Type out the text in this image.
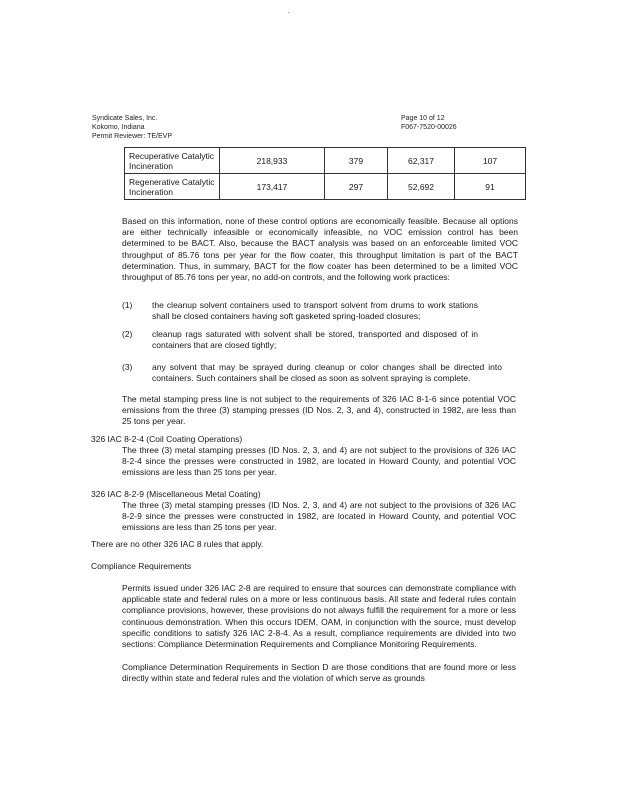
Syndicate Sales, Inc.
Kokomo, Indiana
Permit Reviewer: TE/EVP
Page 10 of 12
F067-7520-00026
Recuperative Catalytic Incineration	218,933	379	62,317	107
Regenerative Catalytic Incineration	173,417	297	52,692	91
Based on this information, none of these control options are economically feasible. Because all options are either technically infeasible or economically infeasible, no VOC emission control has been determined to be BACT. Also, because the BACT analysis was based on an enforceable limited VOC throughput of 85.76 tons per year for the flow coater, this throughput limitation is part of the BACT determination. Thus, in summary, BACT for the flow coater has been determined to be a limited VOC throughput of 85.76 tons per year, no add-on controls, and the following work practices:
(1) the cleanup solvent containers used to transport solvent from drums to work stations shall be closed containers having soft gasketed spring-loaded closures;
(2) cleanup rags saturated with solvent shall be stored, transported and disposed of in containers that are closed tightly;
(3) any solvent that may be sprayed during cleanup or color changes shall be directed into containers. Such containers shall be closed as soon as solvent spraying is complete.
The metal stamping press line is not subject to the requirements of 326 IAC 8-1-6 since potential VOC emissions from the three (3) stamping presses (ID Nos. 2, 3, and 4), constructed in 1982, are less than 25 tons per year.
326 IAC 8-2-4 (Coil Coating Operations)
The three (3) metal stamping presses (ID Nos. 2, 3, and 4) are not subject to the provisions of 326 IAC 8-2-4 since the presses were constructed in 1982, are located in Howard County, and potential VOC emissions are less than 25 tons per year.
326 IAC 8-2-9 (Miscellaneous Metal Coating)
The three (3) metal stamping presses (ID Nos. 2, 3, and 4) are not subject to the provisions of 326 IAC 8-2-9 since the presses were constructed in 1982, are located in Howard County, and potential VOC emissions are less than 25 tons per year.
There are no other 326 IAC 8 rules that apply.
Compliance Requirements
Permits issued under 326 IAC 2-8 are required to ensure that sources can demonstrate compliance with applicable state and federal rules on a more or less continuous basis. All state and federal rules contain compliance provisions, however, these provisions do not always fulfill the requirement for a more or less continuous demonstration. When this occurs IDEM, OAM, in conjunction with the source, must develop specific conditions to satisfy 326 IAC 2-8-4. As a result, compliance requirements are divided into two sections: Compliance Determination Requirements and Compliance Monitoring Requirements.
Compliance Determination Requirements in Section D are those conditions that are found more or less directly within state and federal rules and the violation of which serve as grounds
